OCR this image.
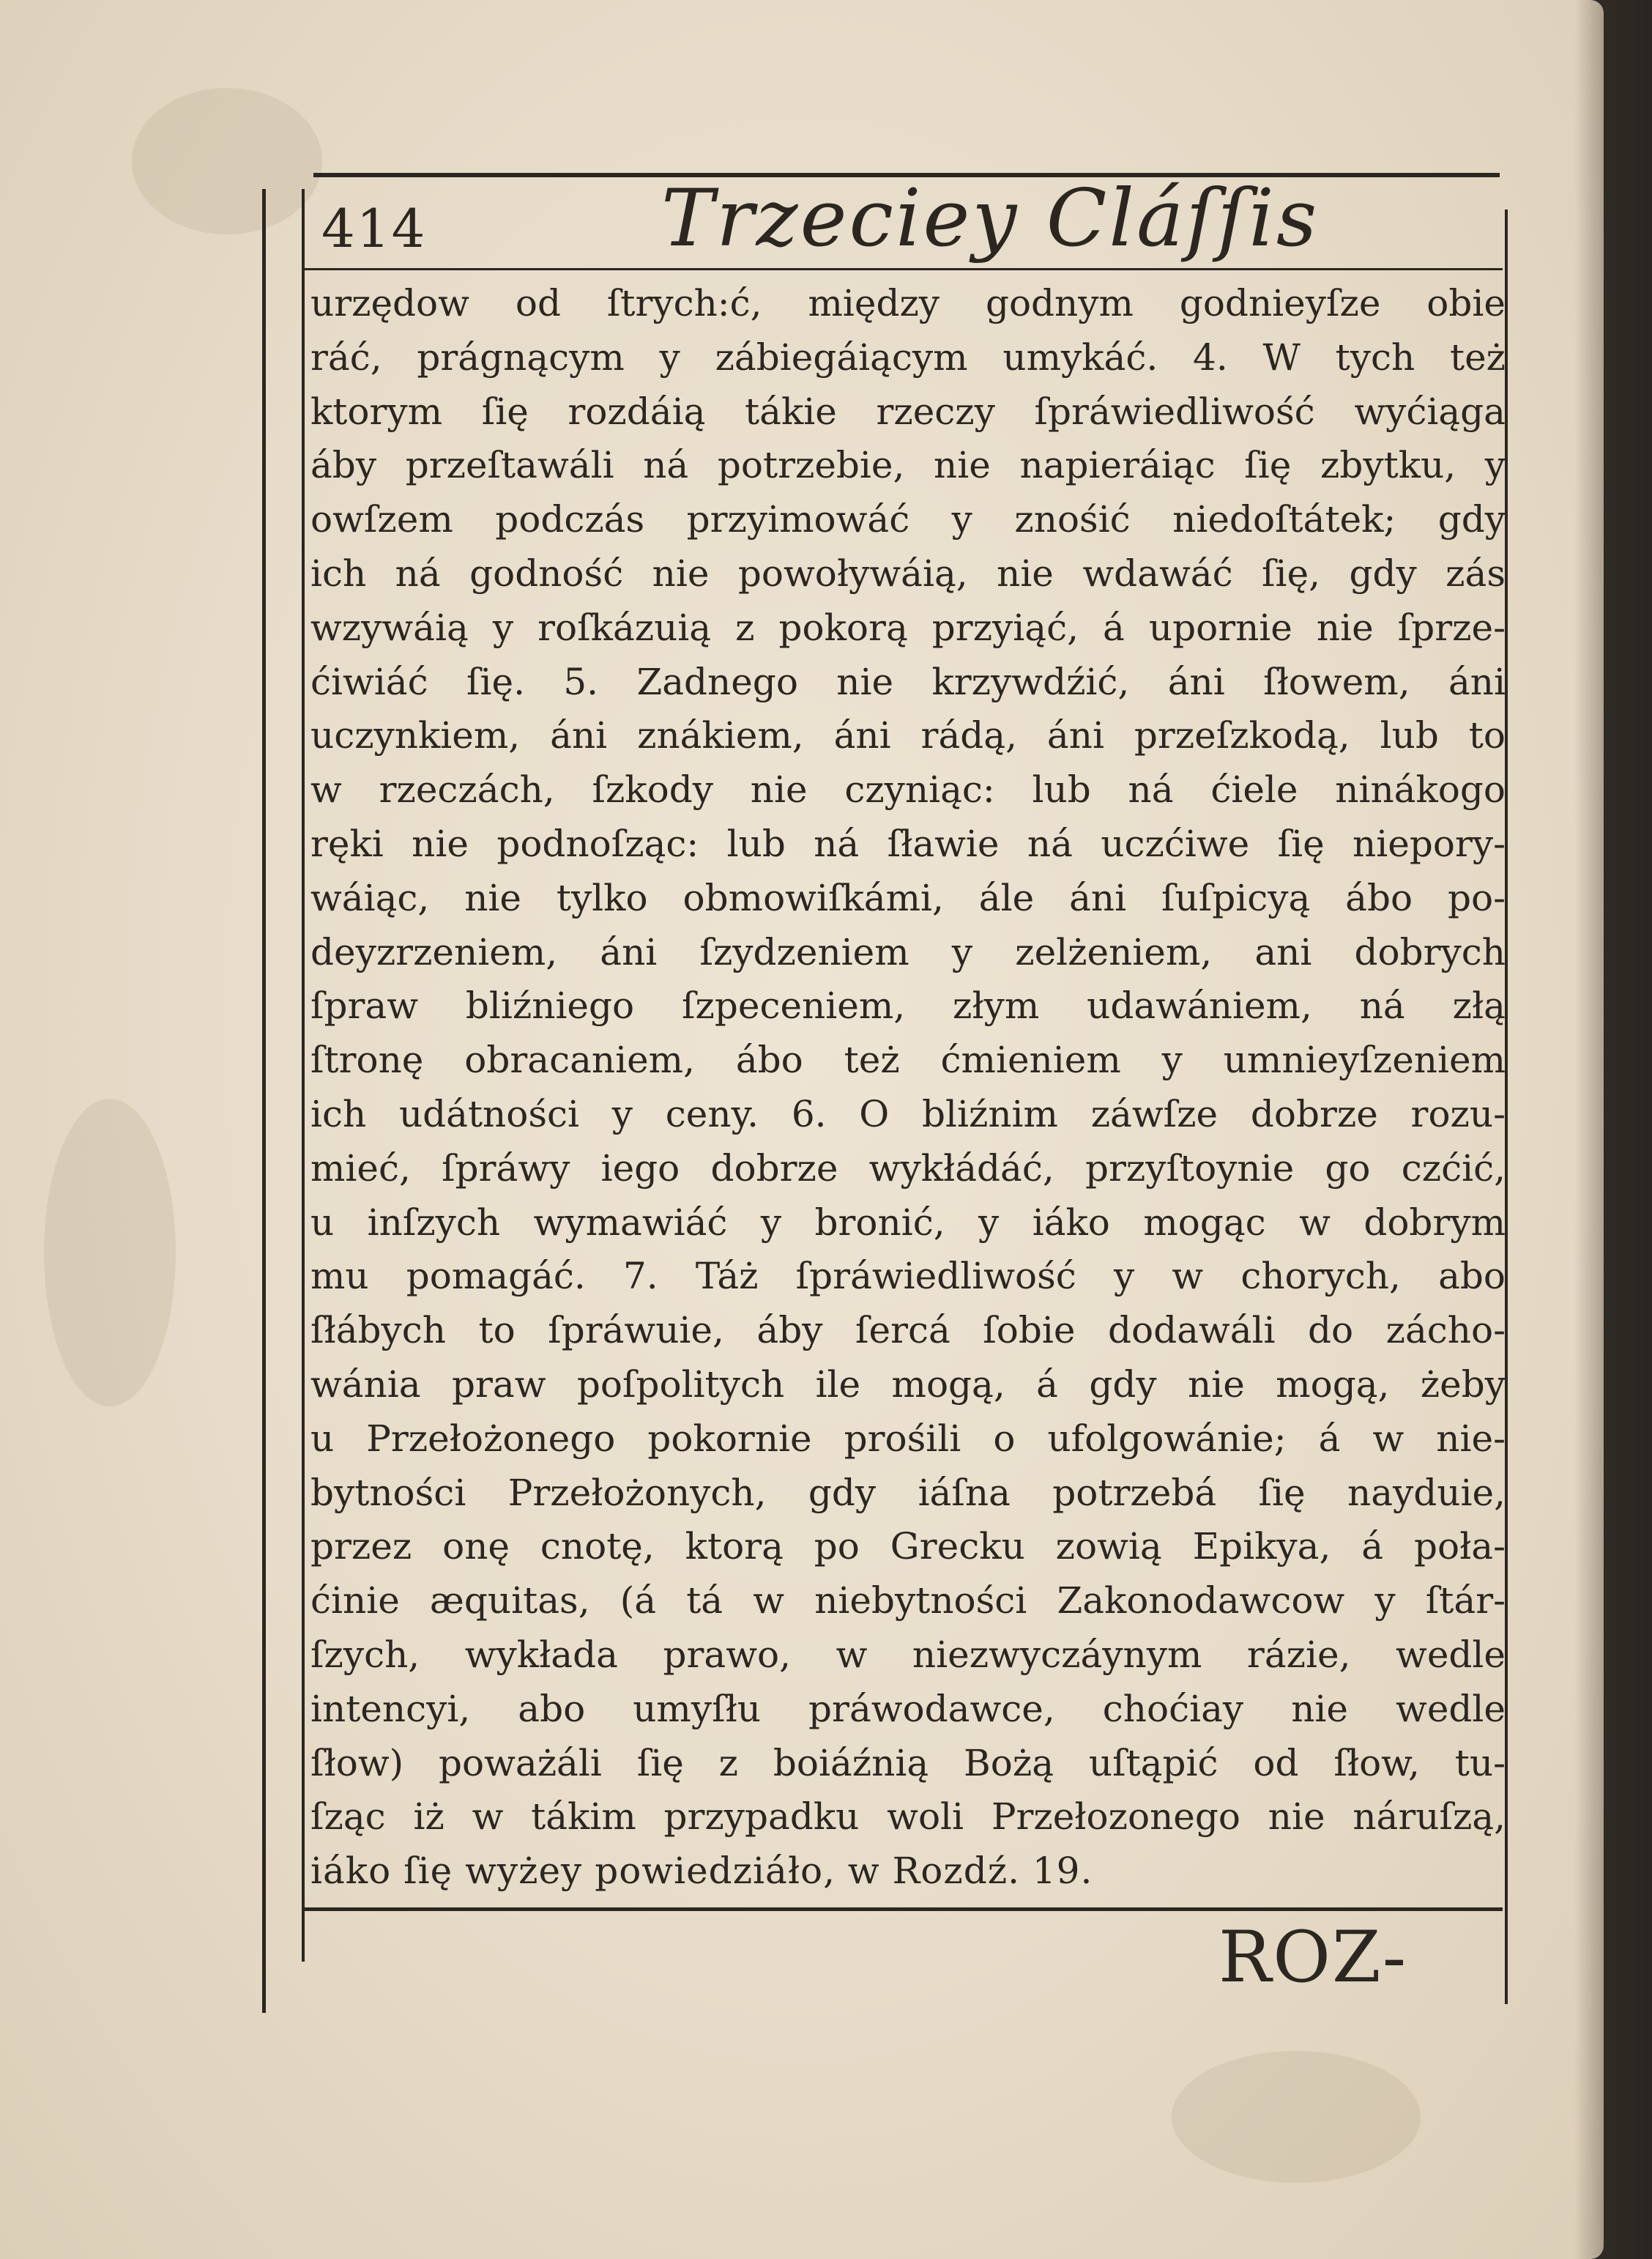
414	Trzeciey Cláſſis
urzędow od ſtrych:ć, między godnym godnieyſze obie
ráć, prágnącym y zábiegáiącym umykáć. 4. W tych też
ktorym ſię rozdáią tákie rzeczy ſpráwiedliwość wyćiąga
áby przeſtawáli ná potrzebie, nie napieráiąc ſię zbytku, y
owſzem podczás przyimowáć y znośić niedoſtátek; gdy
ich ná godność nie powoływáią, nie wdawáć ſię, gdy zás
wzywáią y roſkázuią z pokorą przyiąć, á upornie nie ſprze-
ćiwiáć ſię. 5. Zadnego nie krzywdźić, áni ſłowem, áni
uczynkiem, áni znákiem, áni rádą, áni przeſzkodą, lub to
w rzeczách, ſzkody nie czyniąc: lub ná ćiele ninákogo
ręki nie podnoſząc: lub ná ſławie ná uczćiwe ſię niepory-
wáiąc, nie tylko obmowiſkámi, ále áni ſuſpicyą ábo po-
deyzrzeniem, áni ſzydzeniem y zelżeniem, ani dobrych
ſpraw bliźniego ſzpeceniem, złym udawániem, ná złą
ſtronę obracaniem, ábo też ćmieniem y umnieyſzeniem
ich udátności y ceny. 6. O bliźnim záwſze dobrze rozu-
mieć, ſpráwy iego dobrze wykłádáć, przyſtoynie go czćić,
u inſzych wymawiáć y bronić, y iáko mogąc w dobrym
mu pomagáć. 7. Táż ſpráwiedliwość y w chorych, abo
ſłábych to ſpráwuie, áby ſercá ſobie dodawáli do zácho-
wánia praw poſpolitych ile mogą, á gdy nie mogą, żeby
u Przełożonego pokornie prośili o ufolgowánie; á w nie-
bytności Przełożonych, gdy iáſna potrzebá ſię nayduie,
przez onę cnotę, ktorą po Grecku zowią Epikya, á poła-
ćinie æquitas, (á tá w niebytności Zakonodawcow y ſtár-
ſzych, wykłada prawo, w niezwyczáynym rázie, wedle
intencyi, abo umyſłu práwodawce, choćiay nie wedle
ſłow) poważáli ſię z boiáźnią Bożą uſtąpić od ſłow, tu-
ſząc iż w tákim przypadku woli Przełozonego nie náruſzą,
iáko ſię wyżey powiedziáło, w Rozdź. 19.
ROZ-
